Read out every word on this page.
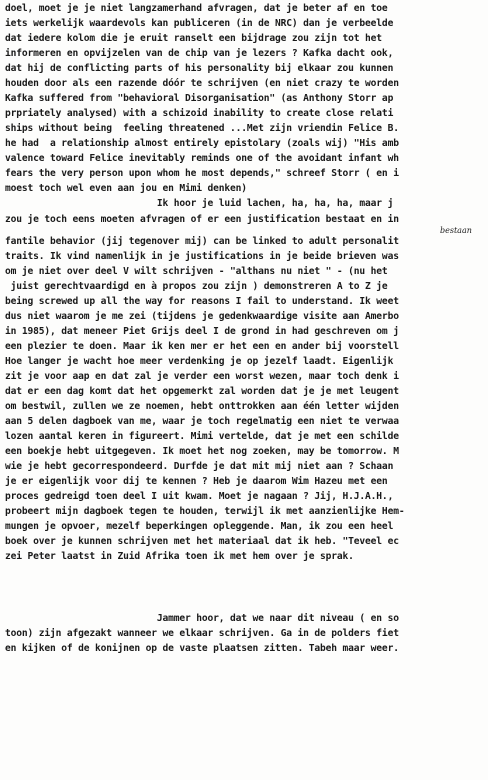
doel, moet je je niet langzamerhand afvragen, dat je beter af en toe
iets werkelijk waardevols kan publiceren (in de NRC) dan je verbeelde
dat iedere kolom die je eruit ranselt een bijdrage zou zijn tot het
informeren en opvijzelen van de chip van je lezers ? Kafka dacht ook,
dat hij de conflicting parts of his personality bij elkaar zou kunnen
houden door als een razende dóór te schrijven (en niet crazy te worden
Kafka suffered from "behavioral Disorganisation" (as Anthony Storr ap
prpriately analysed) with a schizoid inability to create close relati
ships without being  feeling threatened ...Met zijn vriendin Felice B.
he had  a relationship almost entirely epistolary (zoals wij) "His amb
valence toward Felice inevitably reminds one of the avoidant infant wh
fears the very person upon whom he most depends," schreef Storr ( en i
moest toch wel even aan jou en Mimi denken)
Ik hoor je luid lachen, ha, ha, ha, maar j
zou je toch eens moeten afvragen of er een justification bestaat en in
bestaan
fantile behavior (jij tegenover mij) can be linked to adult personalit
traits. Ik vind namenlijk in je justifications in je beide brieven was
om je niet over deel V wilt schrijven - "althans nu niet " - (nu het
juist gerechtvaardigd en à propos zou zijn ) demonstreren A to Z je
being screwed up all the way for reasons I fail to understand. Ik weet
dus niet waarom je me zei (tijdens je gedenkwaardige visite aan Amerbo
in 1985), dat meneer Piet Grijs deel I de grond in had geschreven om j
een plezier te doen. Maar ik ken mer er het een en ander bij voorstell
Hoe langer je wacht hoe meer verdenking je op jezelf laadt. Eigenlijk
zit je voor aap en dat zal je verder een worst wezen, maar toch denk i
dat er een dag komt dat het opgemerkt zal worden dat je je met leugent
om bestwil, zullen we ze noemen, hebt onttrokken aan één letter wijden
aan 5 delen dagboek van me, waar je toch regelmatig een niet te verwaa
lozen aantal keren in figureert. Mimi vertelde, dat je met een schilde
een boekje hebt uitgegeven. Ik moet het nog zoeken, may be tomorrow. M
wie je hebt gecorrespondeerd. Durfde je dat mit mij niet aan ? Schaan
je er eigenlijk voor dij te kennen ? Heb je daarom Wim Hazeu met een
proces gedreigd toen deel I uit kwam. Moet je nagaan ? Jij, H.J.A.H.,
probeert mijn dagboek tegen te houden, terwijl ik met aanzienlijke Hem-
mungen je opvoer, mezelf beperkingen opleggende. Man, ik zou een heel
boek over je kunnen schrijven met het materiaal dat ik heb. "Teveel ec
zei Peter laatst in Zuid Afrika toen ik met hem over je sprak.
Jammer hoor, dat we naar dit niveau ( en so
toon) zijn afgezakt wanneer we elkaar schrijven. Ga in de polders fiet
en kijken of de konijnen op de vaste plaatsen zitten. Tabeh maar weer.
